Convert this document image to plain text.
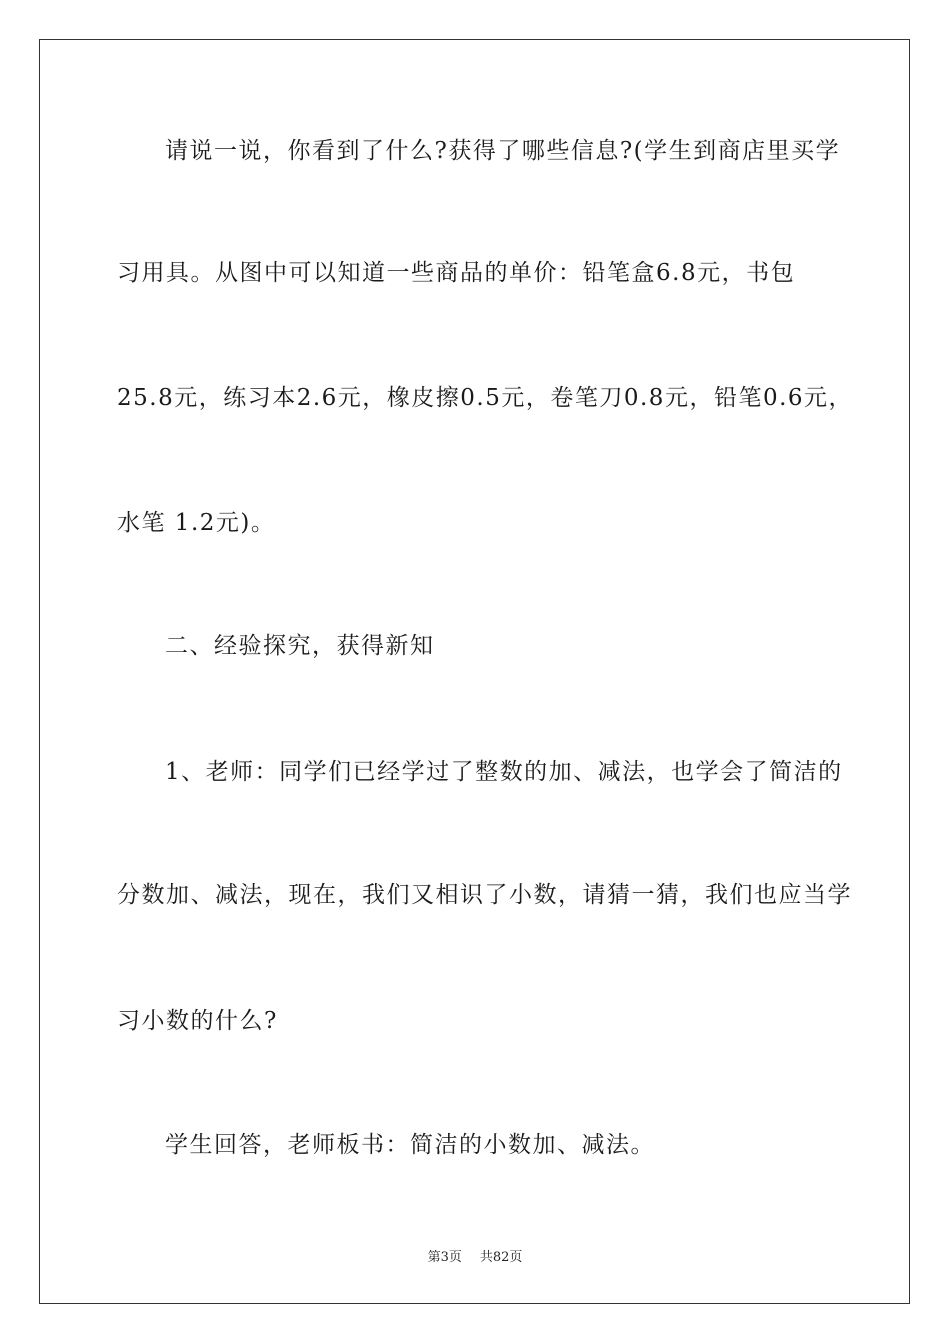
请说一说，你看到了什么?获得了哪些信息?(学生到商店里买学
习用具。从图中可以知道一些商品的单价：铅笔盒6.8元，书包
25.8元，练习本2.6元，橡皮擦0.5元，卷笔刀0.8元，铅笔0.6元，
水笔 1.2元)。
二、经验探究，获得新知
1、老师：同学们已经学过了整数的加、减法，也学会了简洁的
分数加、减法，现在，我们又相识了小数，请猜一猜，我们也应当学
习小数的什么?
学生回答，老师板书：简洁的小数加、减法。
第3页 共82页
